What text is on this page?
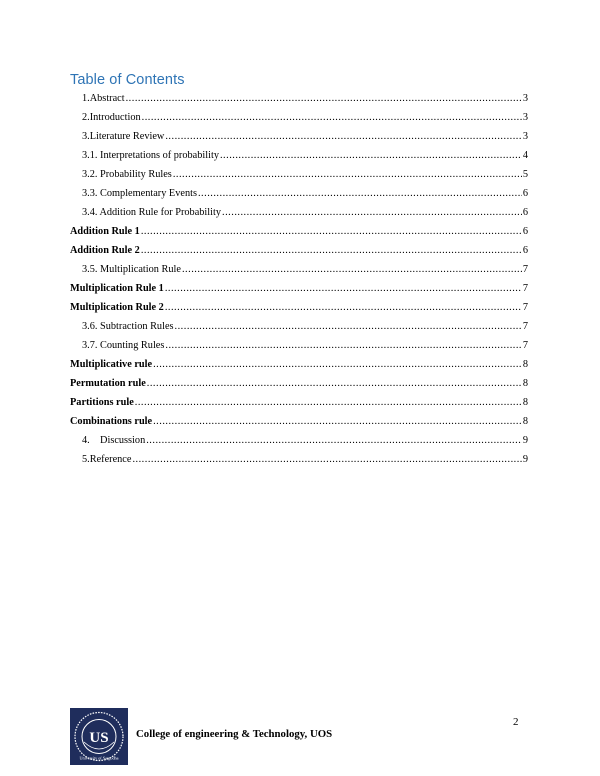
Table of Contents
1.Abstract .....	3
2.Introduction .....	3
3.Literature Review .....	3
3.1. Interpretations of probability .....	4
3.2. Probability Rules .....	5
3.3. Complementary Events .....	6
3.4. Addition Rule for Probability .....	6
Addition Rule 1 .....	6
Addition Rule 2 .....	6
3.5. Multiplication Rule .....	7
Multiplication Rule 1 .....	7
Multiplication Rule 2 .....	7
3.6. Subtraction Rules .....	7
3.7. Counting Rules .....	7
Multiplicative rule .....	8
Permutation rule .....	8
Partitions rule .....	8
Combinations rule .....	8
4.    Discussion .....	9
5.Reference .....	9
US
University of Sargodha
College of engineering & Technology, UOS
2
